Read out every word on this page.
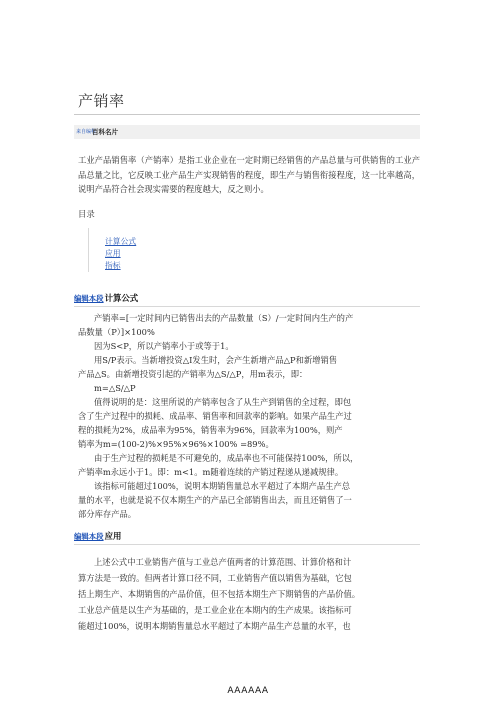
产销率
来自编程
百科名片

工业产品销售率（产销率）是指工业企业在一定时期已经销售的产品总量与可供销售的工业产品总量之比，它反映工业产品生产实现销售的程度，即生产与销售衔接程度，这一比率越高，说明产品符合社会现实需要的程度越大，反之则小。

目录
计算公式
应用
指标
编辑本段计算公式
产销率=[一定时间内已销售出去的产品数量（S）/一定时间内生产的产
品数量（P）]×100%
因为S<P，所以产销率小于或等于1。
用S/P表示。当新增投资△I发生时，会产生新增产品△P和新增销售
产品△S。由新增投资引起的产销率为△S/△P，用m表示，即：
m=△S/△P
值得说明的是：这里所说的产销率包含了从生产到销售的全过程，即包
含了生产过程中的损耗、成品率、销售率和回款率的影响。如果产品生产过
程的损耗为2%，成品率为95%，销售率为96%，回款率为100%，则产
销率为m=(100-2)%×95%×96%×100% =89%。
由于生产过程的损耗是不可避免的，成品率也不可能保持100%，所以，
产销率m永远小于1。即：m<1。m随着连续的产销过程递从递减规律。
该指标可能超过100%，说明本期销售量总水平超过了本期产品生产总
量的水平，也就是说不仅本期生产的产品已全部销售出去，而且还销售了一
部分库存产品。
编辑本段应用
上述公式中工业销售产值与工业总产值两者的计算范围、计算价格和计
算方法是一致的。但两者计算口径不同，工业销售产值以销售为基础，它包
括上期生产、本期销售的产品价值，但不包括本期生产下期销售的产品价值。
工业总产值是以生产为基础的，是工业企业在本期内的生产成果。该指标可
能超过100%，说明本期销售量总水平超过了本期产品生产总量的水平，也
AAAAAA
